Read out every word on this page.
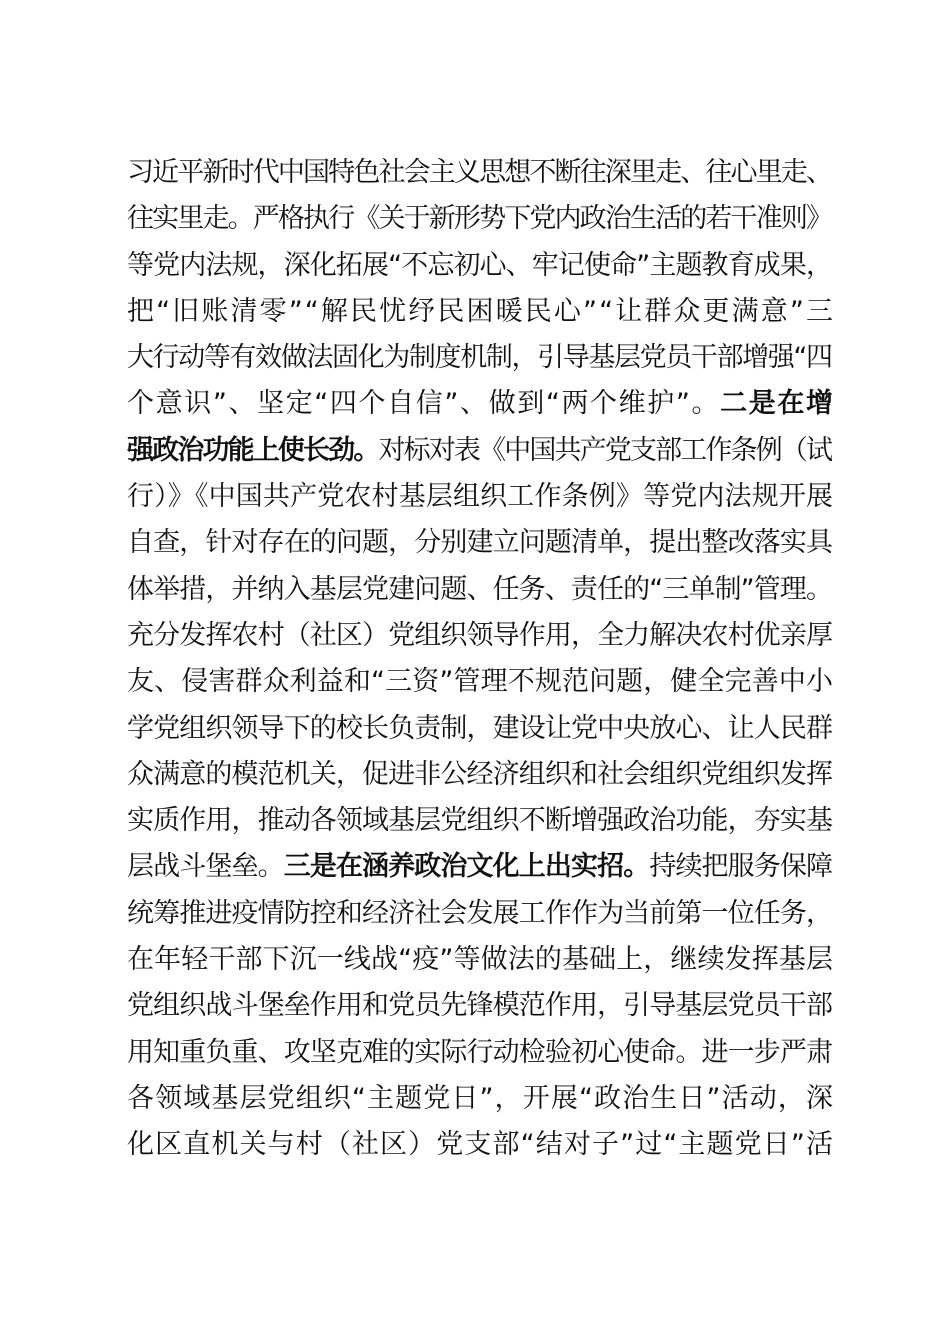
习近平新时代中国特色社会主义思想不断往深里走、往心里走、
往实里走。严格执行《关于新形势下党内政治生活的若干准则》
等党内法规，深化拓展“不忘初心、牢记使命”主题教育成果，
把“旧账清零”“解民忧纾民困暖民心”“让群众更满意”三
大行动等有效做法固化为制度机制，引导基层党员干部增强“四
个意识”、坚定“四个自信”、做到“两个维护”。二是在增
强政治功能上使长劲。对标对表《中国共产党支部工作条例（试
行）》《中国共产党农村基层组织工作条例》等党内法规开展
自查，针对存在的问题，分别建立问题清单，提出整改落实具
体举措，并纳入基层党建问题、任务、责任的“三单制”管理。
充分发挥农村（社区）党组织领导作用，全力解决农村优亲厚
友、侵害群众利益和“三资”管理不规范问题，健全完善中小
学党组织领导下的校长负责制，建设让党中央放心、让人民群
众满意的模范机关，促进非公经济组织和社会组织党组织发挥
实质作用，推动各领域基层党组织不断增强政治功能，夯实基
层战斗堡垒。三是在涵养政治文化上出实招。持续把服务保障
统筹推进疫情防控和经济社会发展工作作为当前第一位任务，
在年轻干部下沉一线战“疫”等做法的基础上，继续发挥基层
党组织战斗堡垒作用和党员先锋模范作用，引导基层党员干部
用知重负重、攻坚克难的实际行动检验初心使命。进一步严肃
各领域基层党组织“主题党日”，开展“政治生日”活动，深
化区直机关与村（社区）党支部“结对子”过“主题党日”活
